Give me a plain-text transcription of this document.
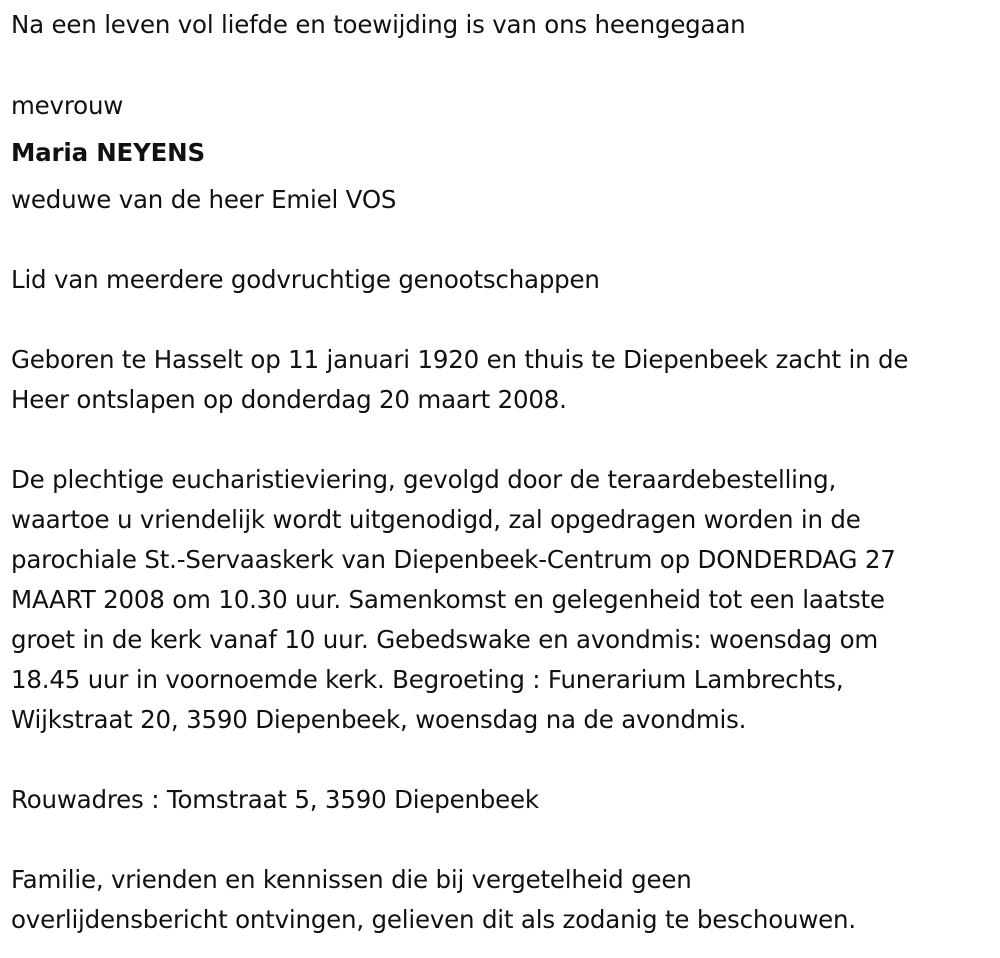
Na een leven vol liefde en toewijding is van ons heengegaan

mevrouw

Maria NEYENS

weduwe van de heer Emiel VOS

Lid van meerdere godvruchtige genootschappen

Geboren te Hasselt op 11 januari 1920 en thuis te Diepenbeek zacht in de

Heer ontslapen op donderdag 20 maart 2008.

De plechtige eucharistieviering, gevolgd door de teraardebestelling,

waartoe u vriendelijk wordt uitgenodigd, zal opgedragen worden in de

parochiale St.-Servaaskerk van Diepenbeek-Centrum op DONDERDAG 27

MAART 2008 om 10.30 uur. Samenkomst en gelegenheid tot een laatste

groet in de kerk vanaf 10 uur. Gebedswake en avondmis: woensdag om

18.45 uur in voornoemde kerk. Begroeting : Funerarium Lambrechts,

Wijkstraat 20, 3590 Diepenbeek, woensdag na de avondmis.

Rouwadres : Tomstraat 5, 3590 Diepenbeek

Familie, vrienden en kennissen die bij vergetelheid geen

overlijdensbericht ontvingen, gelieven dit als zodanig te beschouwen.
